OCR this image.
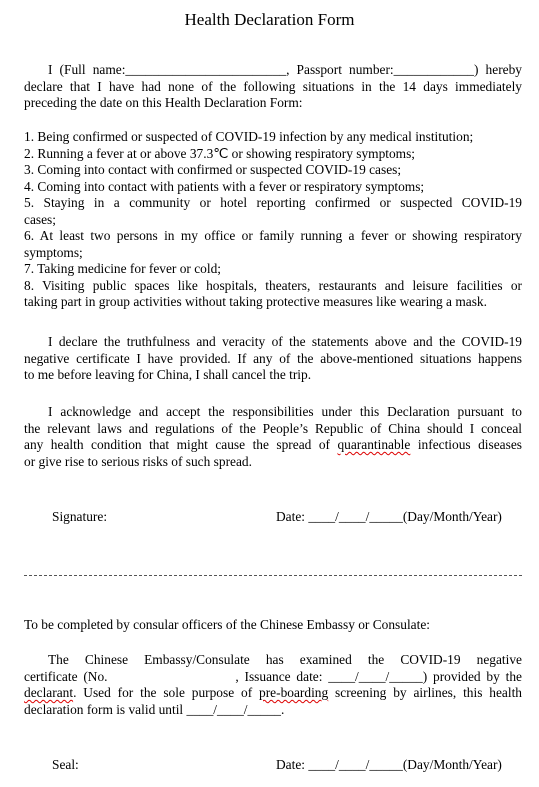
Health Declaration Form
I (Full name:________________________, Passport number:____________) hereby
declare that I have had none of the following situations in the 14 days immediately
preceding the date on this Health Declaration Form:
1. Being confirmed or suspected of COVID-19 infection by any medical institution;
2. Running a fever at or above 37.3℃ or showing respiratory symptoms;
3. Coming into contact with confirmed or suspected COVID-19 cases;
4. Coming into contact with patients with a fever or respiratory symptoms;
5. Staying in a community or hotel reporting confirmed or suspected COVID-19
cases;
6. At least two persons in my office or family running a fever or showing respiratory
symptoms;
7. Taking medicine for fever or cold;
8. Visiting public spaces like hospitals, theaters, restaurants and leisure facilities or
taking part in group activities without taking protective measures like wearing a mask.
I declare the truthfulness and veracity of the statements above and the COVID-19
negative certificate I have provided. If any of the above-mentioned situations happens
to me before leaving for China, I shall cancel the trip.
I acknowledge and accept the responsibilities under this Declaration pursuant to
the relevant laws and regulations of the People’s Republic of China should I conceal
any health condition that might cause the spread of quarantinable infectious diseases
or give rise to serious risks of such spread.
Signature:	Date: ____/____/_____(Day/Month/Year)
To be completed by consular officers of the Chinese Embassy or Consulate:
The Chinese Embassy/Consulate has examined the COVID-19 negative
certificate (No.                      , Issuance date: ____/____/_____) provided by the
declarant. Used for the sole purpose of pre-boarding screening by airlines, this health
declaration form is valid until ____/____/_____.
Seal:	Date: ____/____/_____(Day/Month/Year)
